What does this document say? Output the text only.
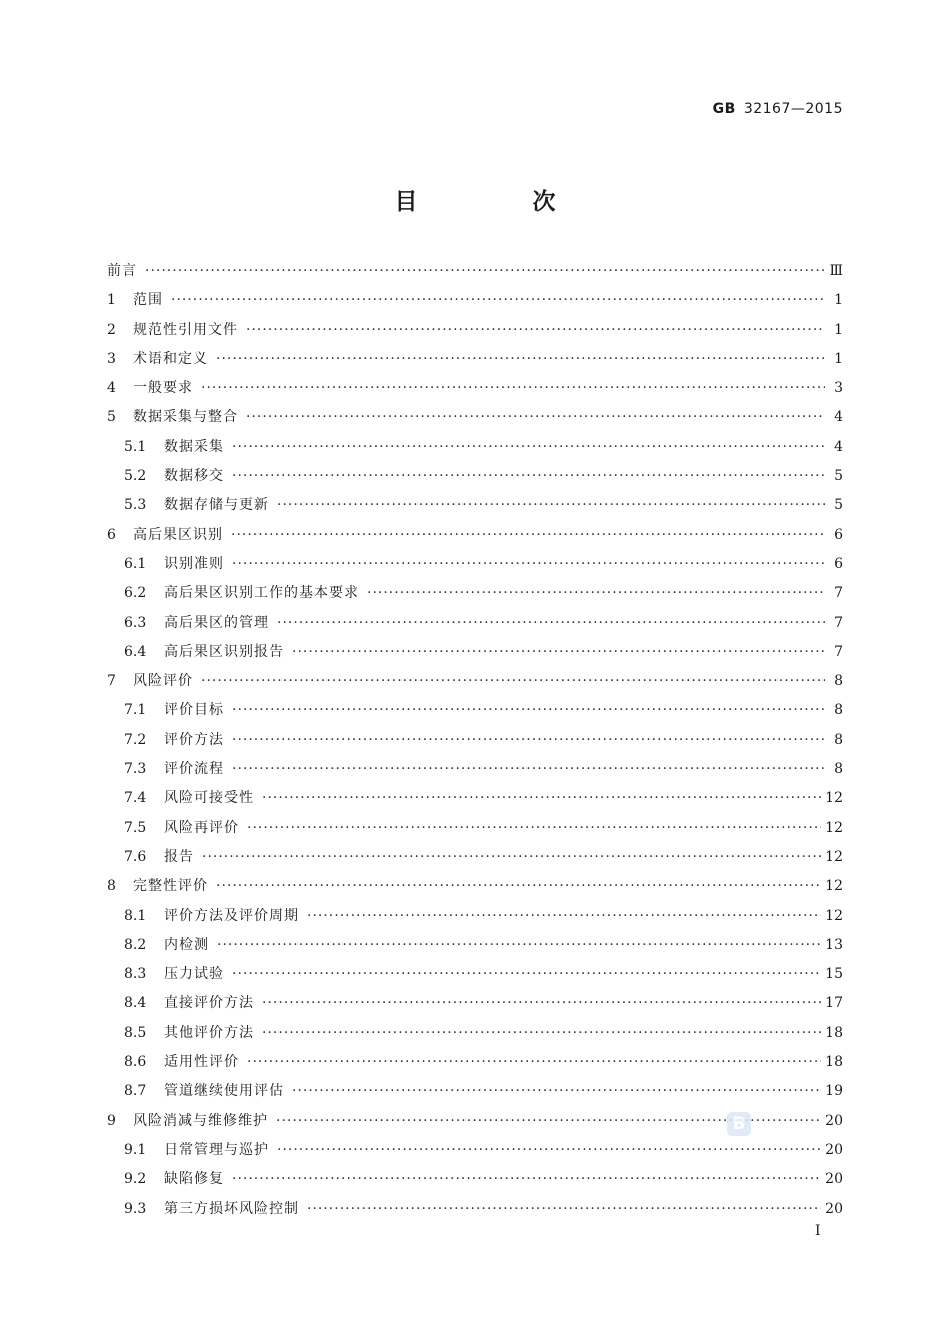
GB 32167—2015
目　次
前言 ·····	Ⅲ
1	范围 ·····	1
2	规范性引用文件 ·····	1
3	术语和定义 ·····	1
4	一般要求 ·····	3
5	数据采集与整合 ·····	4
5.1	数据采集 ·····	4
5.2	数据移交 ·····	5
5.3	数据存储与更新 ·····	5
6	高后果区识别 ·····	6
6.1	识别准则 ·····	6
6.2	高后果区识别工作的基本要求 ·····	7
6.3	高后果区的管理 ·····	7
6.4	高后果区识别报告 ·····	7
7	风险评价 ·····	8
7.1	评价目标 ·····	8
7.2	评价方法 ·····	8
7.3	评价流程 ·····	8
7.4	风险可接受性 ·····	12
7.5	风险再评价 ·····	12
7.6	报告 ·····	12
8	完整性评价 ·····	12
8.1	评价方法及评价周期 ·····	12
8.2	内检测 ·····	13
8.3	压力试验 ·····	15
8.4	直接评价方法 ·····	17
8.5	其他评价方法 ·····	18
8.6	适用性评价 ·····	18
8.7	管道继续使用评估 ·····	19
9	风险消减与维修维护 ·····	20
9.1	日常管理与巡护 ·····	20
9.2	缺陷修复 ·····	20
9.3	第三方损坏风险控制 ·····	20
B
I
